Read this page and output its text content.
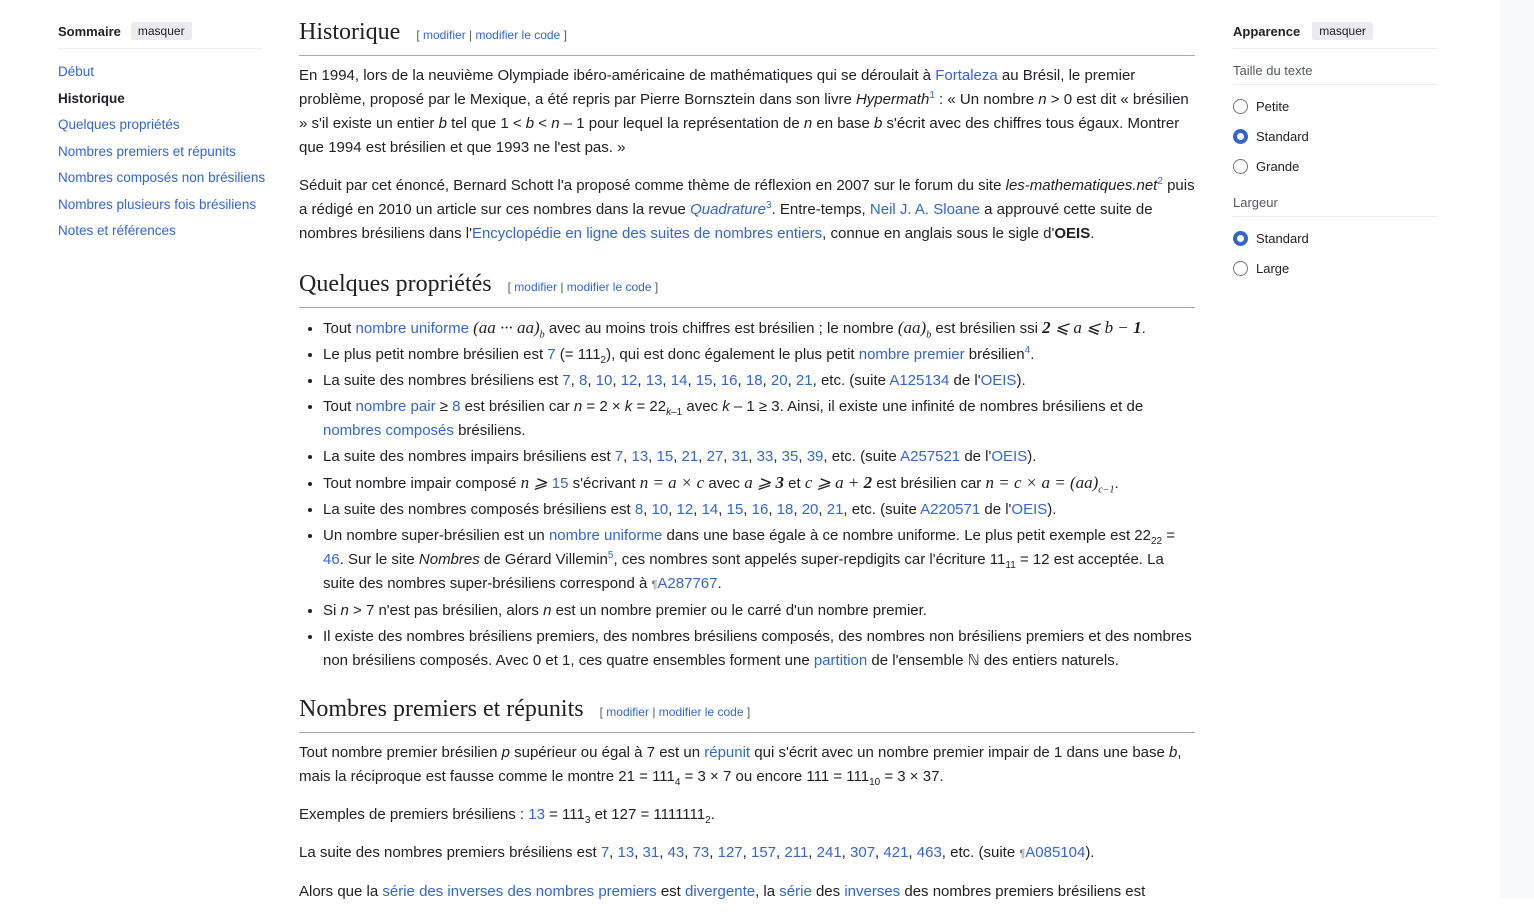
Sommaire	masquer
Début
Historique
Quelques propriétés
Nombres premiers et répunits
Nombres composés non brésiliens
Nombres plusieurs fois brésiliens
Notes et références
Apparence	masquer
Taille du texte
Petite
Standard
Grande
Largeur
Standard
Large
Historique [ modifier | modifier le code ]

En 1994, lors de la neuvième Olympiade ibéro-américaine de mathématiques qui se déroulait à Fortaleza au Brésil, le premier problème, proposé par le Mexique, a été repris par Pierre Bornsztein dans son livre Hypermath$^1$ : « Un nombre n > 0 est dit « brésilien » s'il existe un entier b tel que 1 < b < n – 1 pour lequel la représentation de n en base b s'écrit avec des chiffres tous égaux. Montrer que 1994 est brésilien et que 1993 ne l'est pas. »

Séduit par cet énoncé, Bernard Schott l'a proposé comme thème de réflexion en 2007 sur le forum du site les-mathematiques.net$^2$ puis a rédigé en 2010 un article sur ces nombres dans la revue Quadrature$^3$. Entre-temps, Neil J. A. Sloane a approuvé cette suite de nombres brésiliens dans l'Encyclopédie en ligne des suites de nombres entiers, connue en anglais sous le sigle d'OEIS.

Quelques propriétés [ modifier | modifier le code ]
• Tout nombre uniforme (aa ··· $aa)_b$ avec au moins trois chiffres est brésilien ; le nombre $(aa)_b$ est brésilien ssi 2 ⩽ a ⩽ b − 1.
• Le plus petit nombre brésilien est 7 (= $111_2$), qui est donc également le plus petit nombre premier brésilien$^4$.
• La suite des nombres brésiliens est 7, 8, 10, 12, 13, 14, 15, 16, 18, 20, 21, etc. (suite A125134 de l'OEIS).
• Tout nombre pair ≥ 8 est brésilien car $n = 2 \times k = 22_{k-1}$ avec k – 1 ≥ 3. Ainsi, il existe une infinité de nombres brésiliens et de nombres composés brésiliens.
• La suite des nombres impairs brésiliens est 7, 13, 15, 21, 27, 31, 33, 35, 39, etc. (suite A257521 de l'OEIS).
• Tout nombre impair composé n ⩾ 15 s'écrivant n = a × c avec a ⩾ 3 et c ⩾ a + 2 est brésilien car $n = c \times a = (aa)_{c-1}$.
• La suite des nombres composés brésiliens est 8, 10, 12, 14, 15, 16, 18, 20, 21, etc. (suite A220571 de l'OEIS).
• Un nombre super-brésilien est un nombre uniforme dans une base égale à ce nombre uniforme. Le plus petit exemple est $22_{22} = 46$. Sur le site Nombres de Gérard Villemin$^5$, ces nombres sont appelés super-repdigits car l'écriture $11_{11} = 12$ est acceptée. La suite des nombres super-brésiliens correspond à ¶A287767.
• Si n > 7 n'est pas brésilien, alors n est un nombre premier ou le carré d'un nombre premier.
• Il existe des nombres brésiliens premiers, des nombres brésiliens composés, des nombres non brésiliens premiers et des nombres non brésiliens composés. Avec 0 et 1, ces quatre ensembles forment une partition de l'ensemble ℕ des entiers naturels.
Nombres premiers et répunits [ modifier | modifier le code ]

Tout nombre premier brésilien p supérieur ou égal à 7 est un répunit qui s'écrit avec un nombre premier impair de 1 dans une base b, mais la réciproque est fausse comme le montre $21 = 111_4 = 3 \times 7$ ou encore $111 = 111_{10} = 3 \times 37$.

Exemples de premiers brésiliens : $13 = 111_3$ et $127 = 1111111_2$.

La suite des nombres premiers brésiliens est 7, 13, 31, 43, 73, 127, 157, 211, 241, 307, 421, 463, etc. (suite ¶A085104).

Alors que la série des inverses des nombres premiers est divergente, la série des inverses des nombres premiers brésiliens est
